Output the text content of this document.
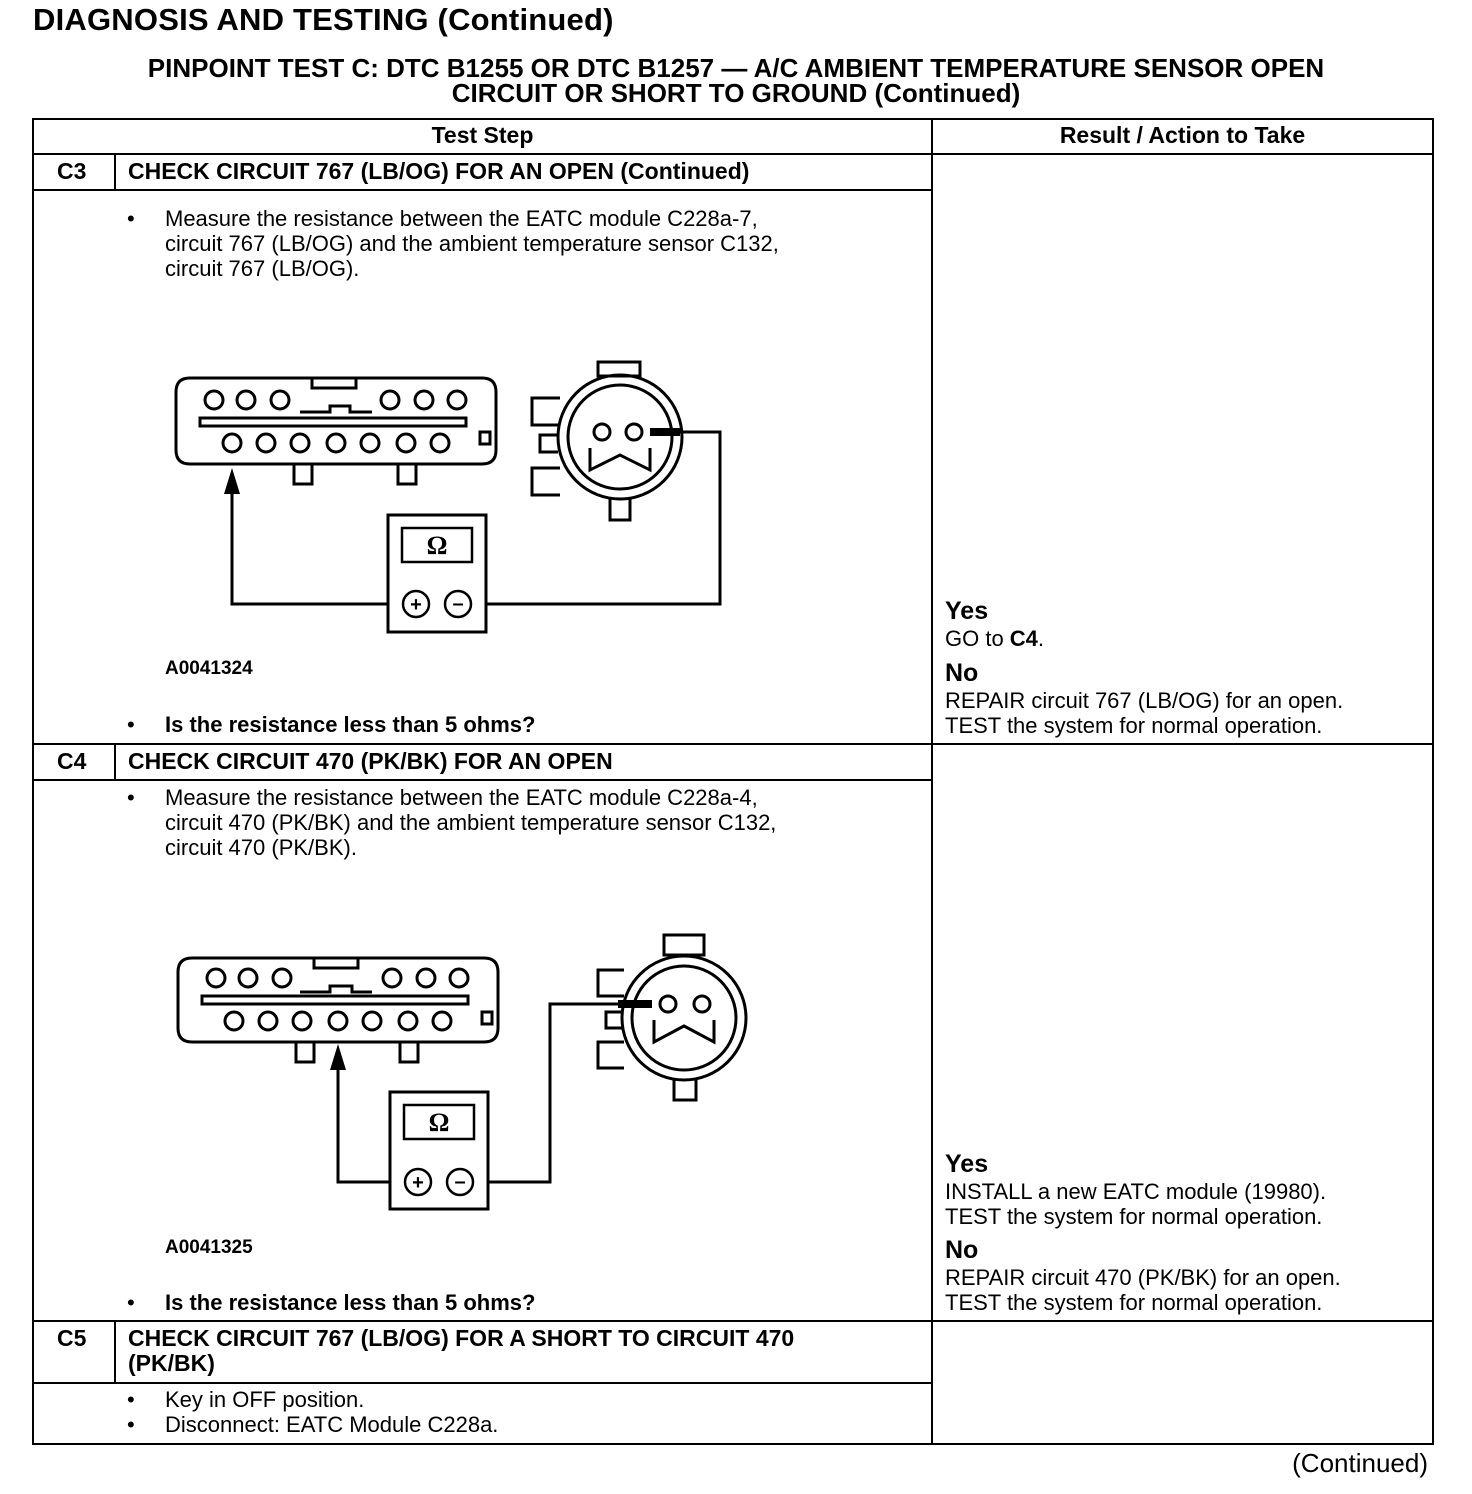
DIAGNOSIS AND TESTING (Continued)
PINPOINT TEST C: DTC B1255 OR DTC B1257 — A/C AMBIENT TEMPERATURE SENSOR OPEN
CIRCUIT OR SHORT TO GROUND (Continued)
Test Step	Result / Action to Take
C3 CHECK CIRCUIT 767 (LB/OG) FOR AN OPEN (Continued)
• Measure the resistance between the EATC module C228a-7,
circuit 767 (LB/OG) and the ambient temperature sensor C132,
circuit 767 (LB/OG).
Ω
+ –
A0041324
• Is the resistance less than 5 ohms?
Yes
GO to C4.
No
REPAIR circuit 767 (LB/OG) for an open.
TEST the system for normal operation.
C4 CHECK CIRCUIT 470 (PK/BK) FOR AN OPEN
• Measure the resistance between the EATC module C228a-4,
circuit 470 (PK/BK) and the ambient temperature sensor C132,
circuit 470 (PK/BK).
Ω
+ –
A0041325
• Is the resistance less than 5 ohms?
Yes
INSTALL a new EATC module (19980).
TEST the system for normal operation.
No
REPAIR circuit 470 (PK/BK) for an open.
TEST the system for normal operation.
C5 CHECK CIRCUIT 767 (LB/OG) FOR A SHORT TO CIRCUIT 470
(PK/BK)
• Key in OFF position.
• Disconnect: EATC Module C228a.
(Continued)
